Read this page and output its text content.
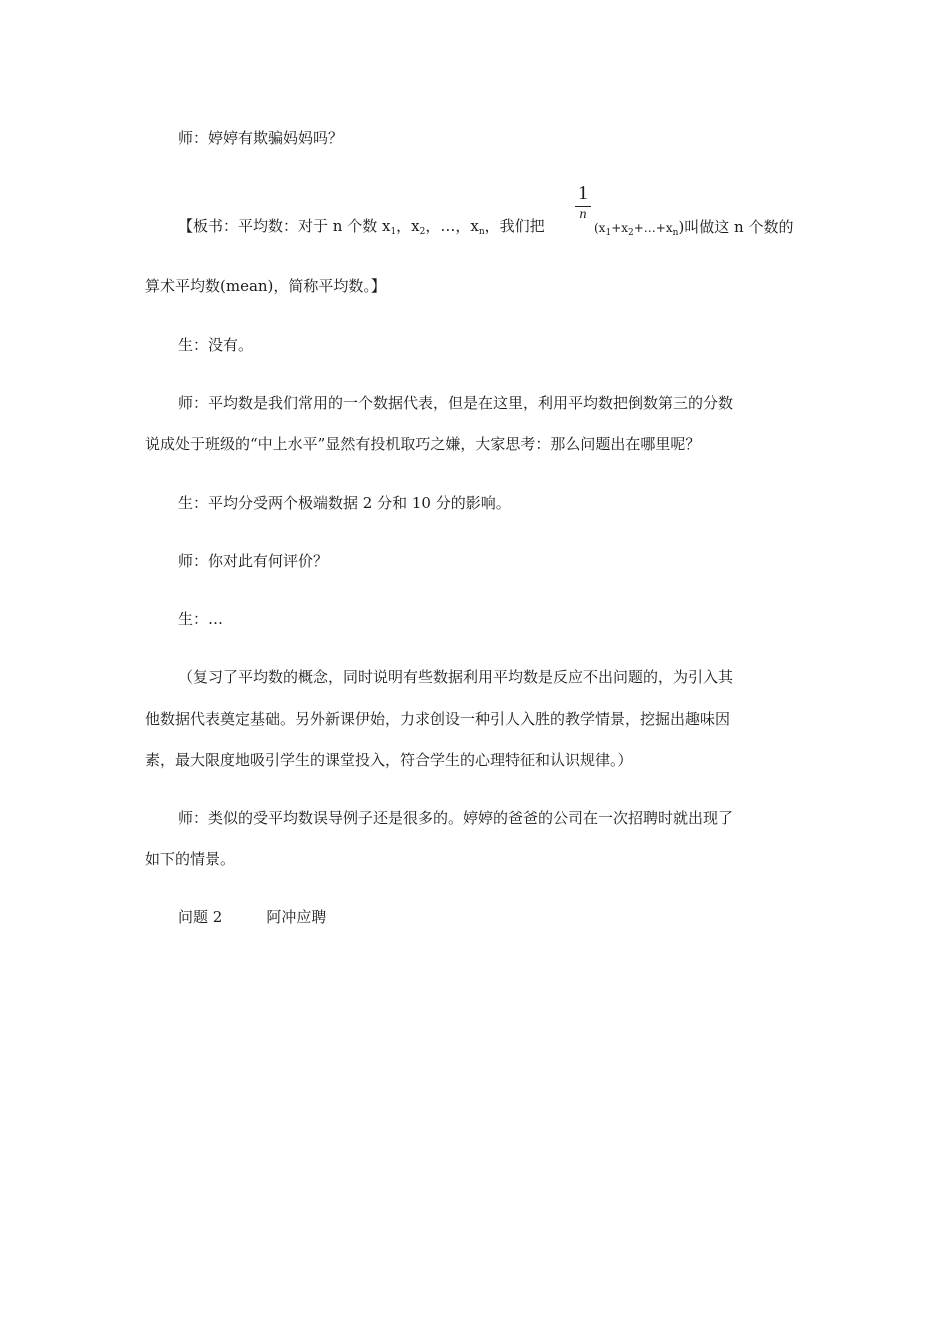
师：婷婷有欺骗妈妈吗？
1
n
【板书：平均数：对于 n 个数 $x_1$，$x_2$，…，$x_n$，我们把	$(x_1+x_2+\dots+x_n)$叫做这 n 个数的
算术平均数(mean)，简称平均数。】
生：没有。
师：平均数是我们常用的一个数据代表，但是在这里，利用平均数把倒数第三的分数
说成处于班级的“中上水平”显然有投机取巧之嫌，大家思考：那么问题出在哪里呢？
生：平均分受两个极端数据 2 分和 10 分的影响。
师：你对此有何评价？
生：…
（复习了平均数的概念，同时说明有些数据利用平均数是反应不出问题的，为引入其
他数据代表奠定基础。另外新课伊始，力求创设一种引人入胜的教学情景，挖掘出趣味因
素，最大限度地吸引学生的课堂投入，符合学生的心理特征和认识规律。）
师：类似的受平均数误导例子还是很多的。婷婷的爸爸的公司在一次招聘时就出现了
如下的情景。
问题 2	阿冲应聘
